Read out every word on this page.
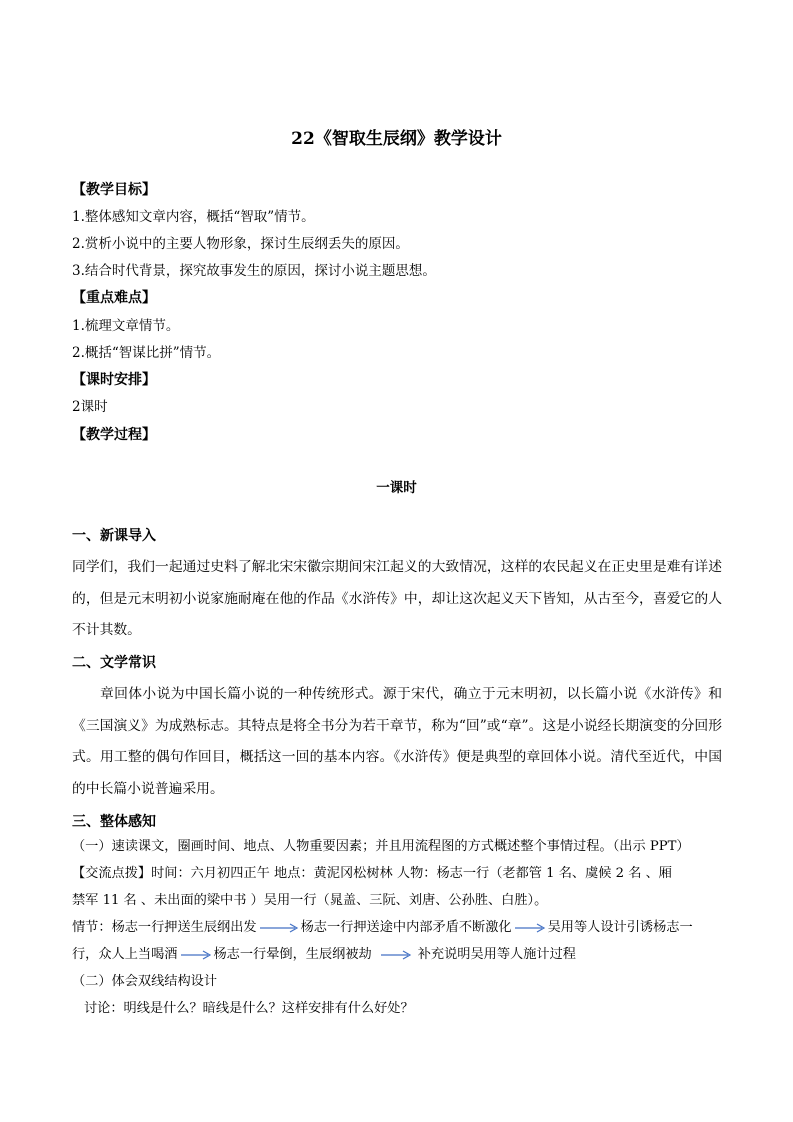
22《智取生辰纲》教学设计
【教学目标】
1.整体感知文章内容，概括“智取”情节。
2.赏析小说中的主要人物形象，探讨生辰纲丢失的原因。
3.结合时代背景，探究故事发生的原因，探讨小说主题思想。
【重点难点】
1.梳理文章情节。
2.概括“智谋比拼”情节。
【课时安排】
2课时
【教学过程】
一课时
一、新课导入
同学们，我们一起通过史料了解北宋宋徽宗期间宋江起义的大致情况，这样的农民起义在正史里是难有详述的，但是元末明初小说家施耐庵在他的作品《水浒传》中，却让这次起义天下皆知，从古至今，喜爱它的人不计其数。
二、文学常识
章回体小说为中国长篇小说的一种传统形式。源于宋代，确立于元末明初，以长篇小说《水浒传》和《三国演义》为成熟标志。其特点是将全书分为若干章节，称为“回”或“章”。这是小说经长期演变的分回形式。用工整的偶句作回目，概括这一回的基本内容。《水浒传》便是典型的章回体小说。清代至近代，中国的中长篇小说普遍采用。
三、整体感知
（一）速读课文，圈画时间、地点、人物重要因素；并且用流程图的方式概述整个事情过程。（出示 PPT）
【交流点拨】时间：六月初四正午 地点：黄泥冈松树林 人物：杨志一行（老都管 1 名、虞候 2 名 、厢
禁军 11 名 、未出面的梁中书 ）吴用一行（晁盖、三阮、刘唐、公孙胜、白胜）。
情节：杨志一行押送生辰纲出发	杨志一行押送途中内部矛盾不断激化	吴用等人设计引诱杨志一
行，众人上当喝酒	杨志一行晕倒，生辰纲被劫	补充说明吴用等人施计过程
（二）体会双线结构设计
讨论：明线是什么？暗线是什么？这样安排有什么好处？
